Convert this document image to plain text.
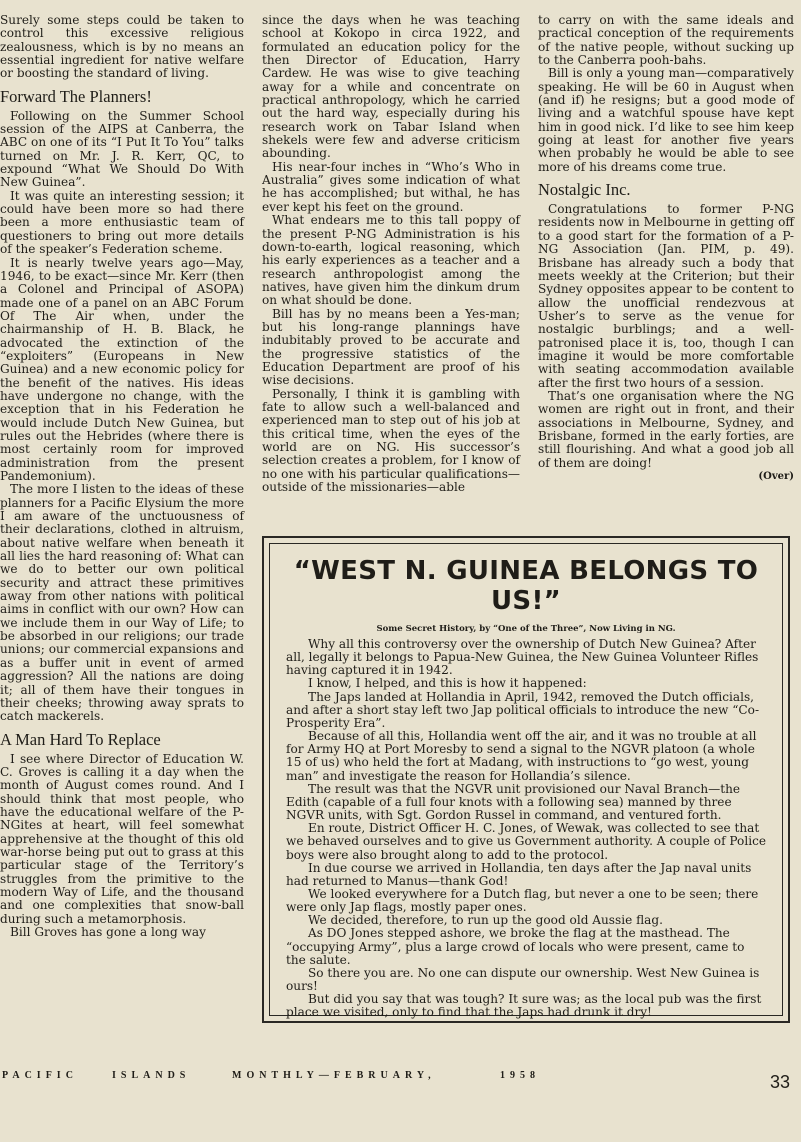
Surely some steps could be taken to control this excessive religious zealousness, which is by no means an essential ingredient for native welfare or boosting the standard of living.

Forward The Planners!

Following on the Summer School session of the AIPS at Canberra, the ABC on one of its “I Put It To You” talks turned on Mr. J. R. Kerr, QC, to expound “What We Should Do With New Guinea”.

It was quite an interesting session; it could have been more so had there been a more enthusiastic team of questioners to bring out more details of the speaker’s Federation scheme.

It is nearly twelve years ago—May, 1946, to be exact—since Mr. Kerr (then a Colonel and Principal of ASOPA) made one of a panel on an ABC Forum Of The Air when, under the chairmanship of H. B. Black, he advocated the extinction of the “exploiters” (Europeans in New Guinea) and a new economic policy for the benefit of the natives. His ideas have undergone no change, with the exception that in his Federation he would include Dutch New Guinea, but rules out the Hebrides (where there is most certainly room for improved administration from the present Pandemonium).

The more I listen to the ideas of these planners for a Pacific Elysium the more I am aware of the unctuousness of their declarations, clothed in altruism, about native welfare when beneath it all lies the hard reasoning of: What can we do to better our own political security and attract these primitives away from other nations with political aims in conflict with our own? How can we include them in our Way of Life; to be absorbed in our religions; our trade unions; our commercial expansions and as a buffer unit in event of armed aggression? All the nations are doing it; all of them have their tongues in their cheeks; throwing away sprats to catch mackerels.

A Man Hard To Replace

I see where Director of Education W. C. Groves is calling it a day when the month of August comes round. And I should think that most people, who have the educational welfare of the P-NGites at heart, will feel somewhat apprehensive at the thought of this old war-horse being put out to grass at this particular stage of the Territory’s struggles from the primitive to the modern Way of Life, and the thousand and one complexities that snow-ball during such a metamorphosis.

Bill Groves has gone a long way

since the days when he was teaching school at Kokopo in circa 1922, and formulated an education policy for the then Director of Education, Harry Cardew. He was wise to give teaching away for a while and concentrate on practical anthropology, which he carried out the hard way, especially during his research work on Tabar Island when shekels were few and adverse criticism abounding.

His near-four inches in “Who’s Who in Australia” gives some indication of what he has accomplished; but withal, he has ever kept his feet on the ground.

What endears me to this tall poppy of the present P-NG Administration is his down-to-earth, logical reasoning, which his early experiences as a teacher and a research anthropologist among the natives, have given him the dinkum drum on what should be done.

Bill has by no means been a Yes-man; but his long-range plannings have indubitably proved to be accurate and the progressive statistics of the Education Department are proof of his wise decisions.

Personally, I think it is gambling with fate to allow such a well-balanced and experienced man to step out of his job at this critical time, when the eyes of the world are on NG. His successor’s selection creates a problem, for I know of no one with his particular qualifications—outside of the missionaries—able

to carry on with the same ideals and practical conception of the requirements of the native people, without sucking up to the Canberra pooh-bahs.

Bill is only a young man—comparatively speaking. He will be 60 in August when (and if) he resigns; but a good mode of living and a watchful spouse have kept him in good nick. I’d like to see him keep going at least for another five years when probably he would be able to see more of his dreams come true.

Nostalgic Inc.

Congratulations to former P-NG residents now in Melbourne in getting off to a good start for the formation of a P-NG Association (Jan. PIM, p. 49). Brisbane has already such a body that meets weekly at the Criterion; but their Sydney opposites appear to be content to allow the unofficial rendezvous at Usher’s to serve as the venue for nostalgic burblings; and a well-patronised place it is, too, though I can imagine it would be more comfortable with seating accommodation available after the first two hours of a session.

That’s one organisation where the NG women are right out in front, and their associations in Melbourne, Sydney, and Brisbane, formed in the early forties, are still flourishing. And what a good job all of them are doing!

(Over)
“WEST N. GUINEA BELONGS TO US!”
Some Secret History, by “One of the Three”, Now Living in NG.

Why all this controversy over the ownership of Dutch New Guinea? After all, legally it belongs to Papua-New Guinea, the New Guinea Volunteer Rifles having captured it in 1942.

I know, I helped, and this is how it happened:

The Japs landed at Hollandia in April, 1942, removed the Dutch officials, and after a short stay left two Jap political officials to introduce the new “Co-Prosperity Era”.

Because of all this, Hollandia went off the air, and it was no trouble at all for Army HQ at Port Moresby to send a signal to the NGVR platoon (a whole 15 of us) who held the fort at Madang, with instructions to “go west, young man” and investigate the reason for Hollandia’s silence.

The result was that the NGVR unit provisioned our Naval Branch—the Edith (capable of a full four knots with a following sea) manned by three NGVR units, with Sgt. Gordon Russel in command, and ventured forth.

En route, District Officer H. C. Jones, of Wewak, was collected to see that we behaved ourselves and to give us Government authority. A couple of Police boys were also brought along to add to the protocol.

In due course we arrived in Hollandia, ten days after the Jap naval units had returned to Manus—thank God!

We looked everywhere for a Dutch flag, but never a one to be seen; there were only Jap flags, mostly paper ones.

We decided, therefore, to run up the good old Aussie flag.

As DO Jones stepped ashore, we broke the flag at the masthead. The “occupying Army”, plus a large crowd of locals who were present, came to the salute.

So there you are. No one can dispute our ownership. West New Guinea is ours!

But did you say that was tough? It sure was; as the local pub was the first place we visited, only to find that the Japs had drunk it dry!

PACIFIC	ISLANDS	MONTHLY—FEBRUARY,	1958	33
